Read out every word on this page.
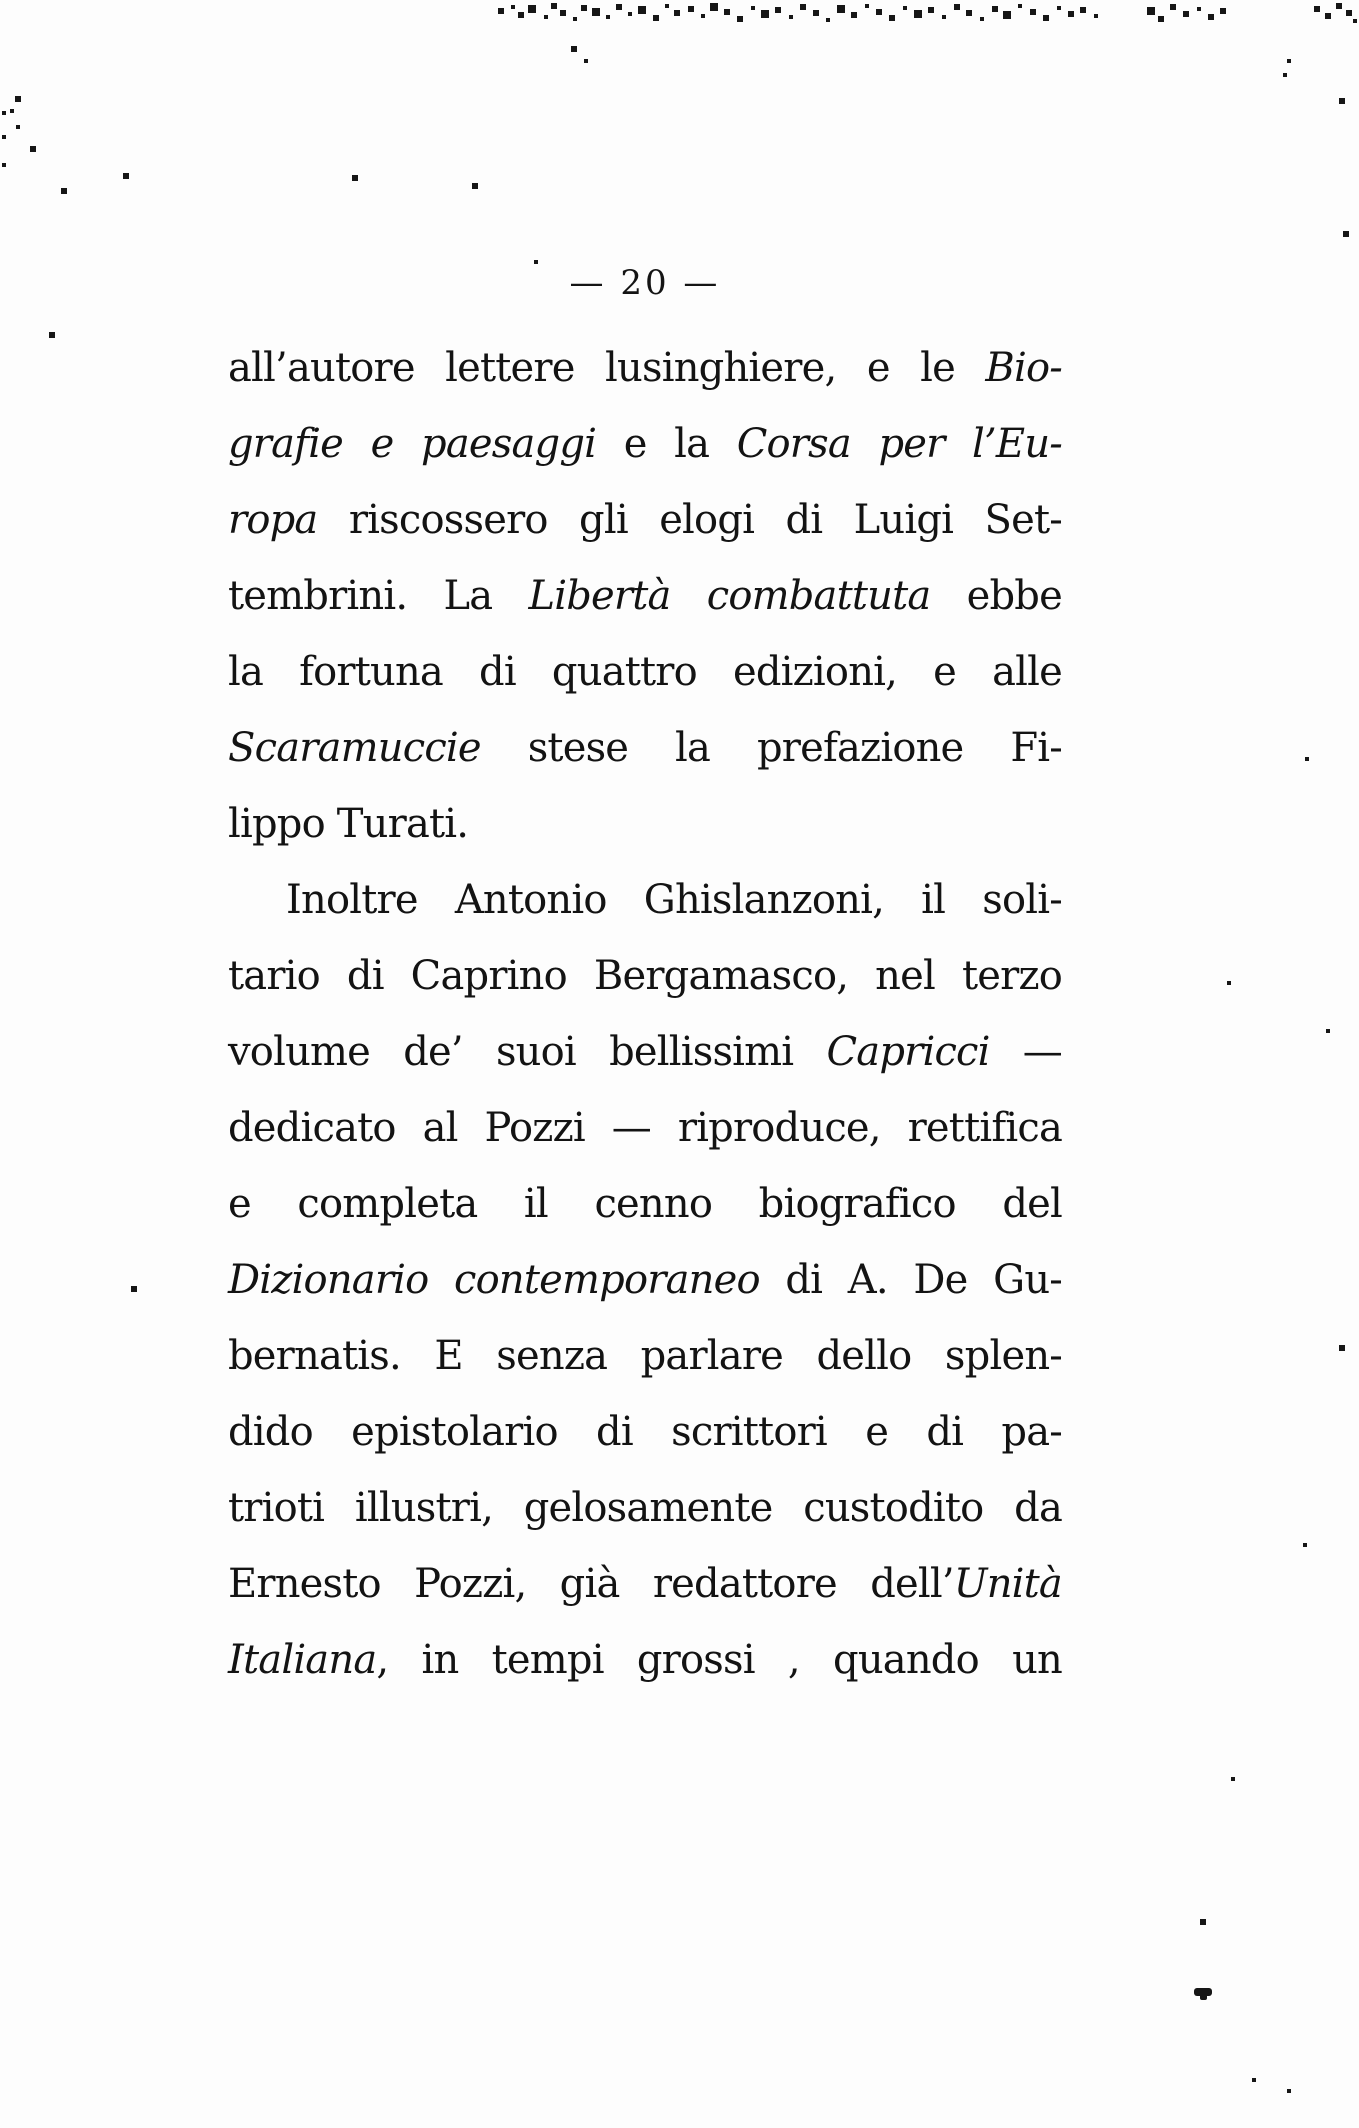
— 20 —
all’autore lettere lusinghiere, e le Bio-
grafie e paesaggi e la Corsa per l’Eu-
ropa riscossero gli elogi di Luigi Set-
tembrini. La Libertà combattuta ebbe
la fortuna di quattro edizioni, e alle
Scaramuccie stese la prefazione Fi-
lippo Turati.
Inoltre Antonio Ghislanzoni, il soli-
tario di Caprino Bergamasco, nel terzo
volume de’ suoi bellissimi Capricci —
dedicato al Pozzi — riproduce, rettifica
e completa il cenno biografico del
Dizionario contemporaneo di A. De Gu-
bernatis. E senza parlare dello splen-
dido epistolario di scrittori e di pa-
trioti illustri, gelosamente custodito da
Ernesto Pozzi, già redattore dell’Unità
Italiana, in tempi grossi , quando un
